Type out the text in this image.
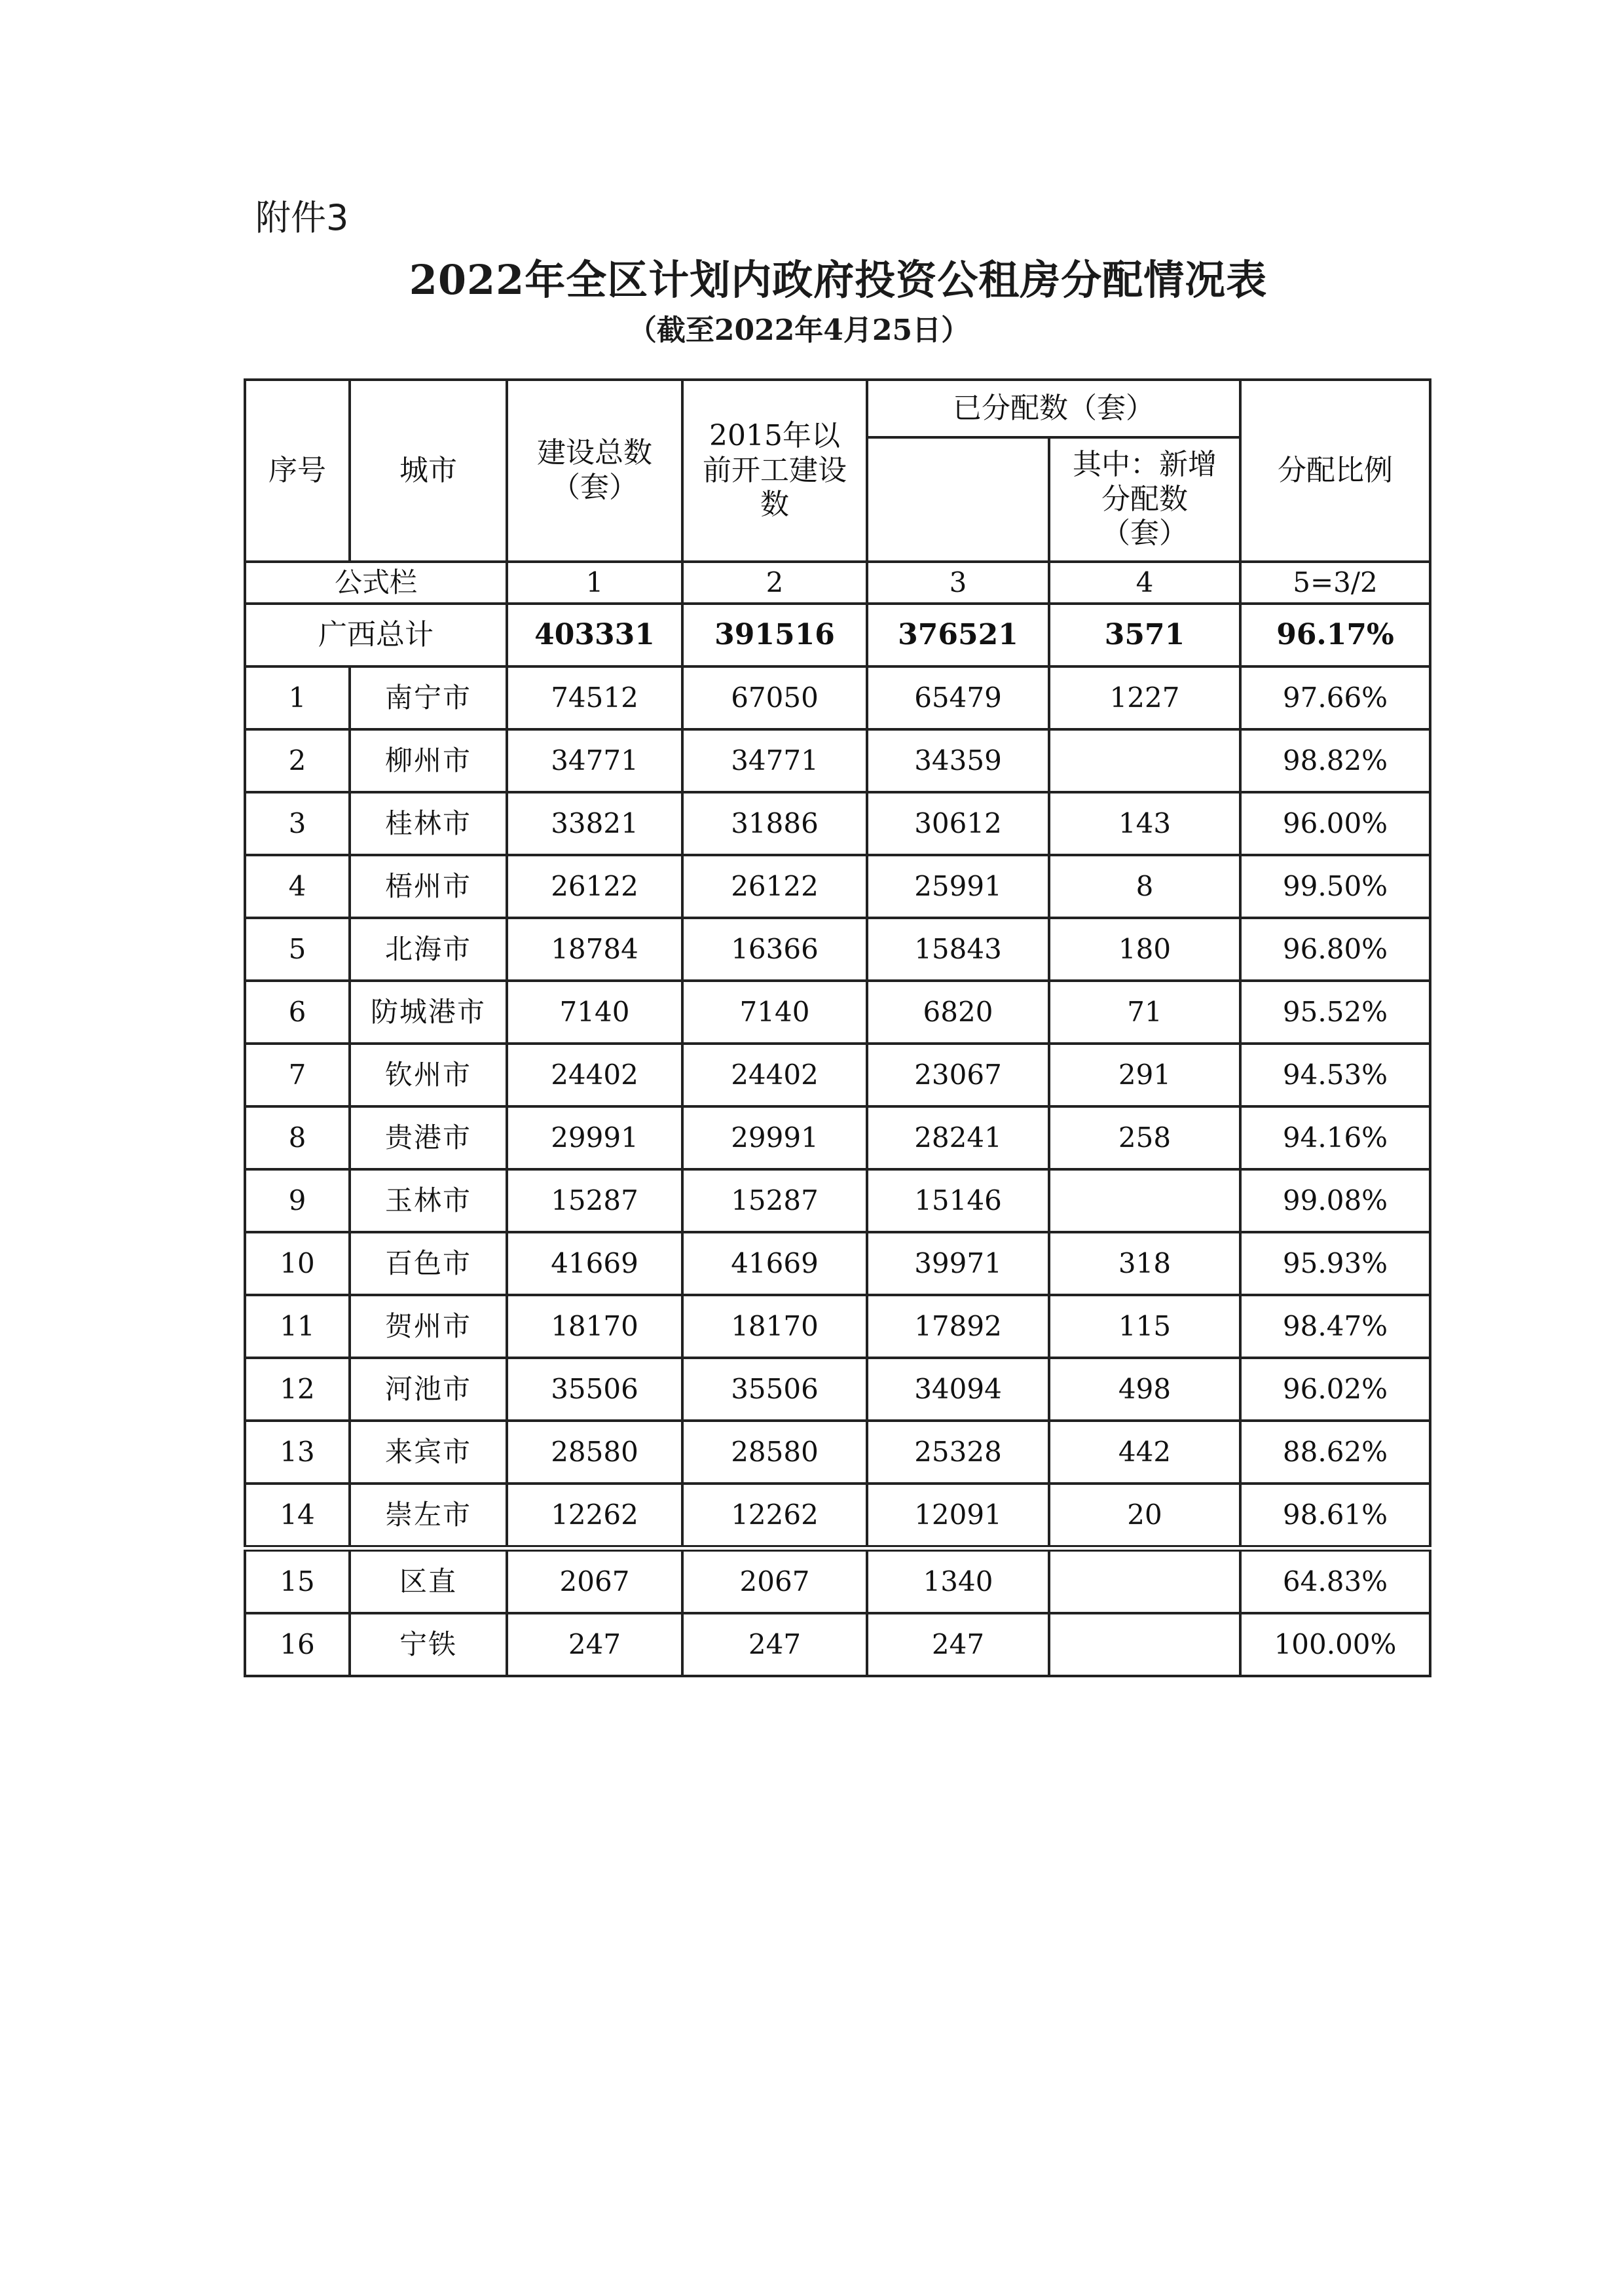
附件3
2022年全区计划内政府投资公租房分配情况表
（截至2022年4月25日）
序号	城市	建设总数（套）	2015年以前开工建设数	已分配数（套）		分配比例
					其中：新增分配数（套）	
公式栏		1	2	3	4	5=3/2
广西总计		403331	391516	376521	3571	96.17%
1	南宁市	74512	67050	65479	1227	97.66%
2	柳州市	34771	34771	34359		98.82%
3	桂林市	33821	31886	30612	143	96.00%
4	梧州市	26122	26122	25991	8	99.50%
5	北海市	18784	16366	15843	180	96.80%
6	防城港市	7140	7140	6820	71	95.52%
7	钦州市	24402	24402	23067	291	94.53%
8	贵港市	29991	29991	28241	258	94.16%
9	玉林市	15287	15287	15146		99.08%
10	百色市	41669	41669	39971	318	95.93%
11	贺州市	18170	18170	17892	115	98.47%
12	河池市	35506	35506	34094	498	96.02%
13	来宾市	28580	28580	25328	442	88.62%
14	崇左市	12262	12262	12091	20	98.61%
15	区直	2067	2067	1340		64.83%
16	宁铁	247	247	247		100.00%
